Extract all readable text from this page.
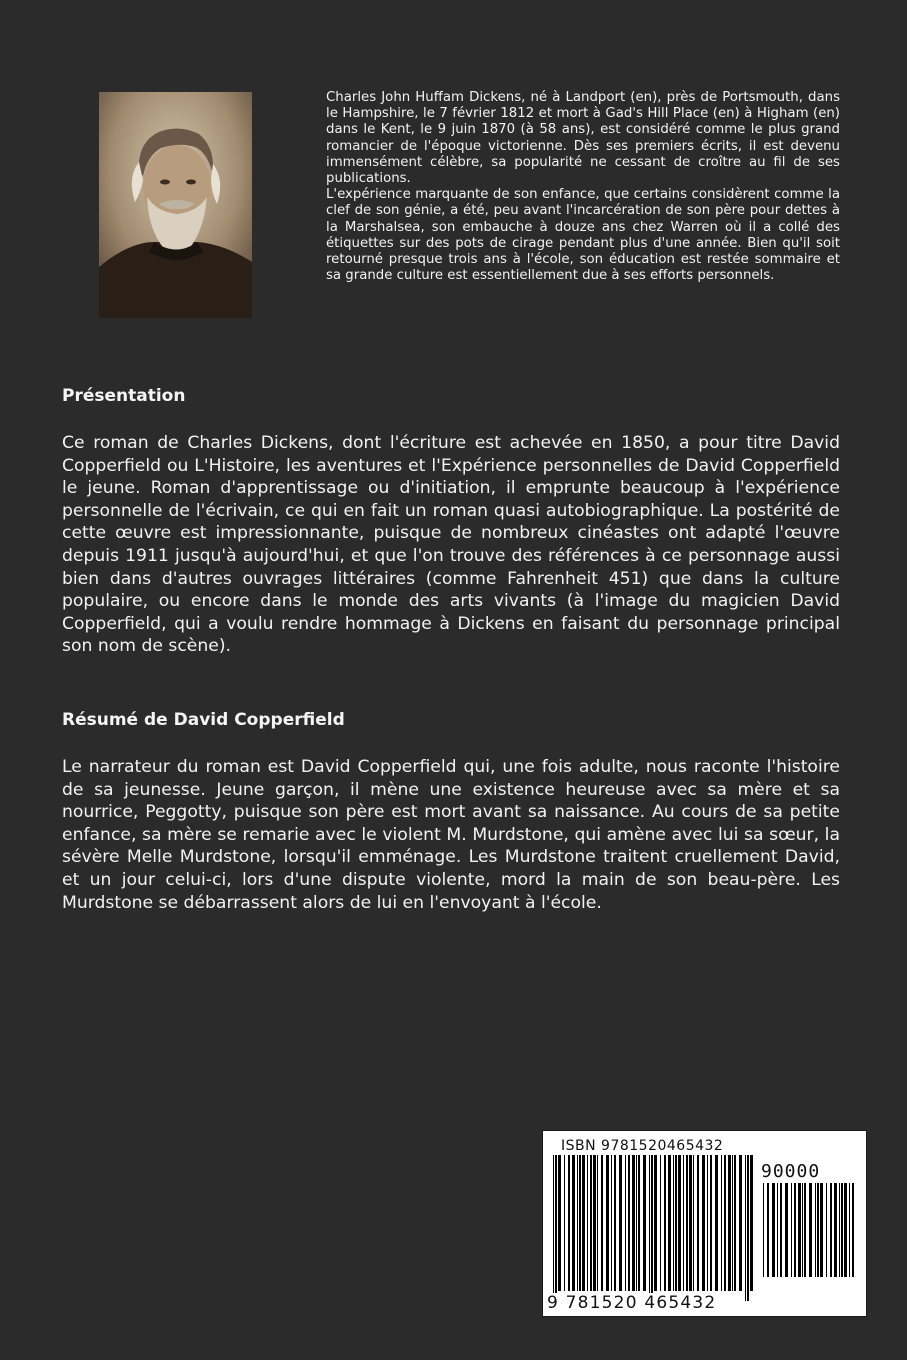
Charles John Huffam Dickens, né à Landport (en), près de Portsmouth, dans le Hampshire, le 7 février 1812 et mort à Gad's Hill Place (en) à Higham (en) dans le Kent, le 9 juin 1870 (à 58 ans), est considéré comme le plus grand romancier de l'époque victorienne. Dès ses premiers écrits, il est devenu immensément célèbre, sa popularité ne cessant de croître au fil de ses publications.

L'expérience marquante de son enfance, que certains considèrent comme la clef de son génie, a été, peu avant l'incarcération de son père pour dettes à la Marshalsea, son embauche à douze ans chez Warren où il a collé des étiquettes sur des pots de cirage pendant plus d'une année. Bien qu'il soit retourné presque trois ans à l'école, son éducation est restée sommaire et sa grande culture est essentiellement due à ses efforts personnels.

Présentation

Ce roman de Charles Dickens, dont l'écriture est achevée en 1850, a pour titre David Copperfield ou L'Histoire, les aventures et l'Expérience personnelles de David Copperfield le jeune. Roman d'apprentissage ou d'initiation, il emprunte beaucoup à l'expérience personnelle de l'écrivain, ce qui en fait un roman quasi autobiographique. La postérité de cette œuvre est impressionnante, puisque de nombreux cinéastes ont adapté l'œuvre depuis 1911 jusqu'à aujourd'hui, et que l'on trouve des références à ce personnage aussi bien dans d'autres ouvrages littéraires (comme Fahrenheit 451) que dans la culture populaire, ou encore dans le monde des arts vivants (à l'image du magicien David Copperfield, qui a voulu rendre hommage à Dickens en faisant du personnage principal son nom de scène).

Résumé de David Copperfield

Le narrateur du roman est David Copperfield qui, une fois adulte, nous raconte l'histoire de sa jeunesse. Jeune garçon, il mène une existence heureuse avec sa mère et sa nourrice, Peggotty, puisque son père est mort avant sa naissance. Au cours de sa petite enfance, sa mère se remarie avec le violent M. Murdstone, qui amène avec lui sa sœur, la sévère Melle Murdstone, lorsqu'il emménage. Les Murdstone traitent cruellement David, et un jour celui-ci, lors d'une dispute violente, mord la main de son beau-père. Les Murdstone se débarrassent alors de lui en l'envoyant à l'école.

ISBN 9781520465432
90000
9 781520 465432
